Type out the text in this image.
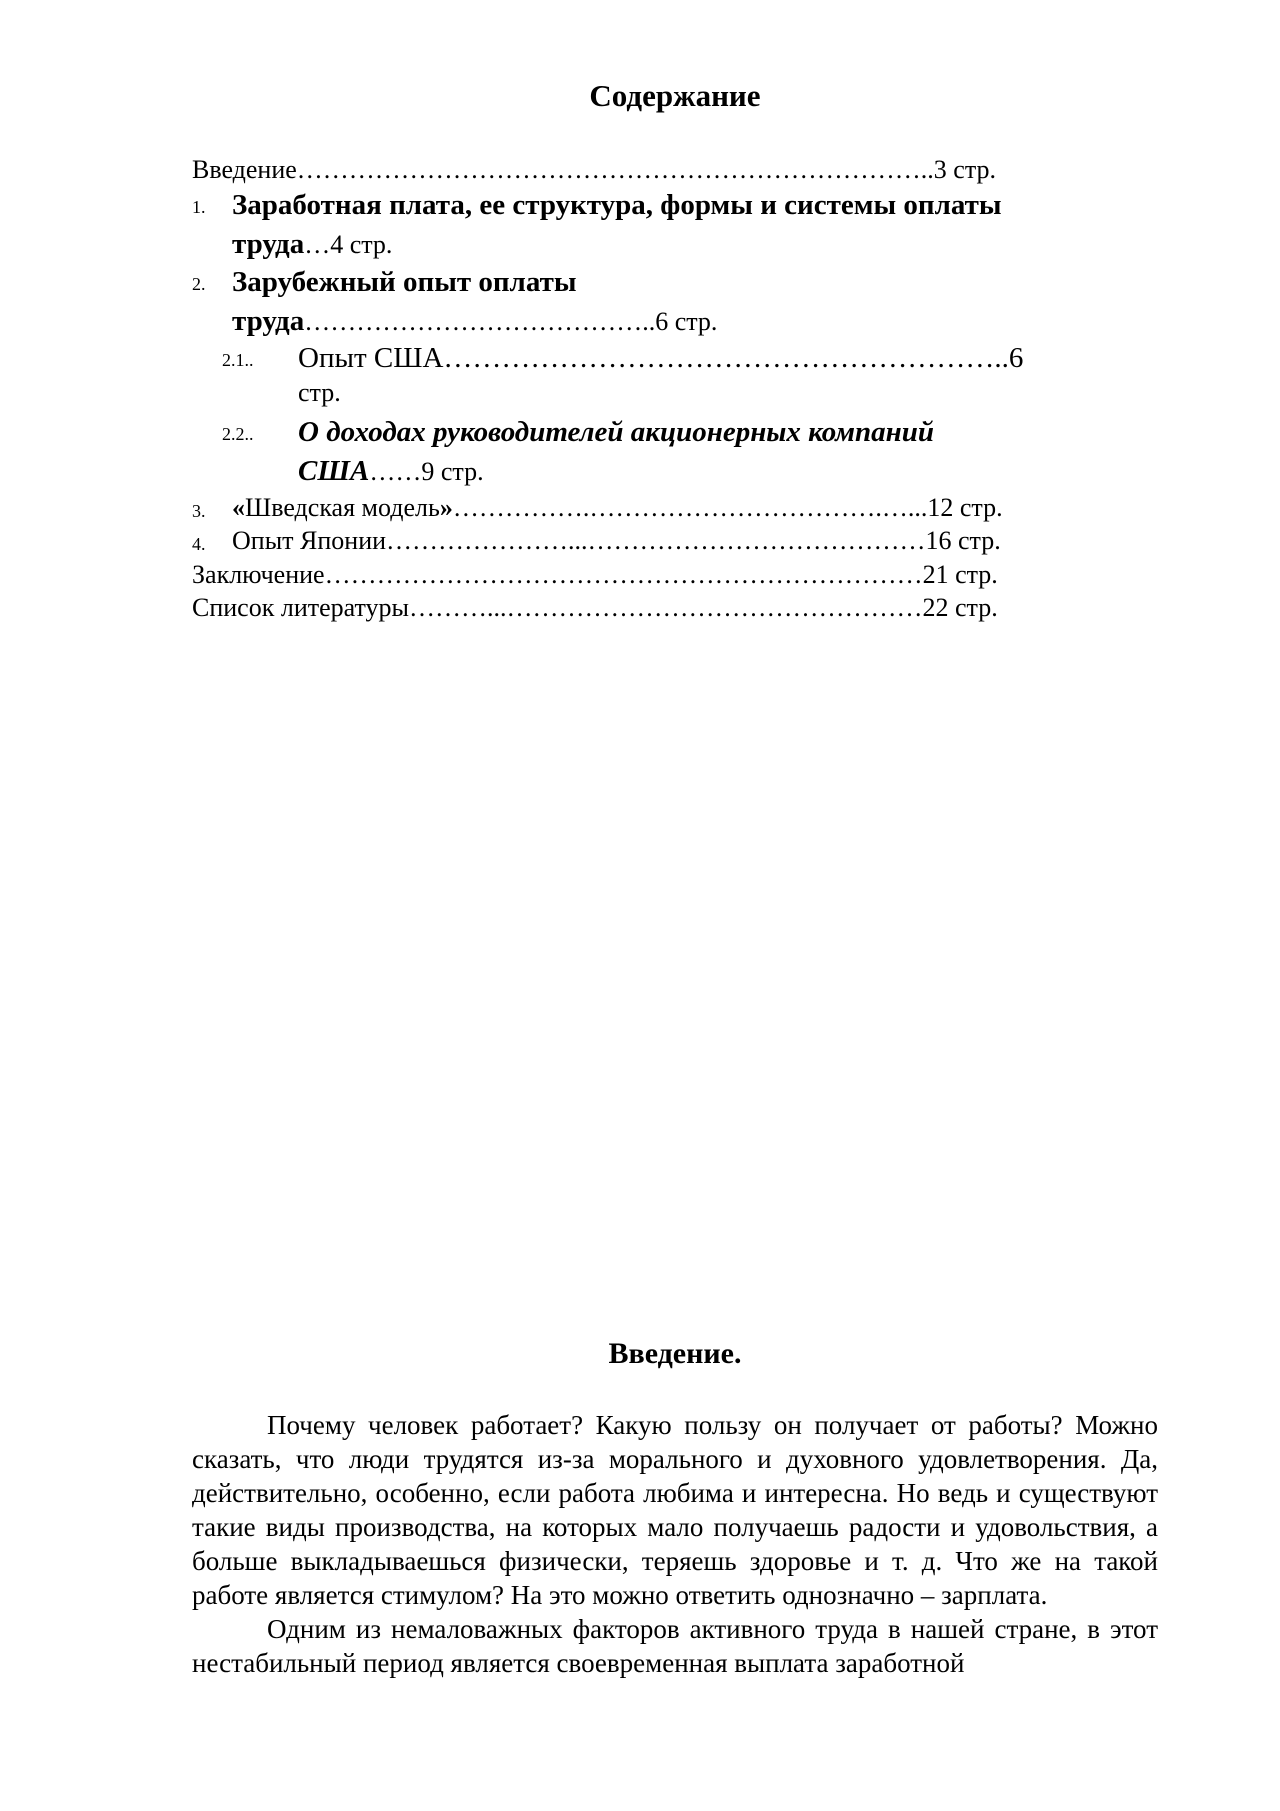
Содержание
Введение………………………………………………………………..3 стр.
1. Заработная плата, ее структура, формы и системы оплаты
труда…4 стр.
2. Зарубежный опыт оплаты
труда…………………………………..6 стр.
2.1.. Опыт США…………………………………………………..6
стр.
2.2.. О доходах руководителей акционерных компаний
США……9 стр.
3. «Шведская модель»…………….…………………………….…...12 стр.
4. Опыт Японии…………………...…………………………………16 стр.
Заключение……………………………………………………………21 стр.
Список литературы………...…………………………………………22 стр.
Введение.

Почему человек работает? Какую пользу он получает от работы? Можно сказать, что люди трудятся из-за морального и духовного удовлетворения. Да, действительно, особенно, если работа любима и интересна. Но ведь и существуют такие виды производства, на которых мало получаешь радости и удовольствия, а больше выкладываешься физически, теряешь здоровье и т. д. Что же на такой работе является стимулом? На это можно ответить однозначно – зарплата.

Одним из немаловажных факторов активного труда в нашей стране, в этот нестабильный период является своевременная выплата заработной
